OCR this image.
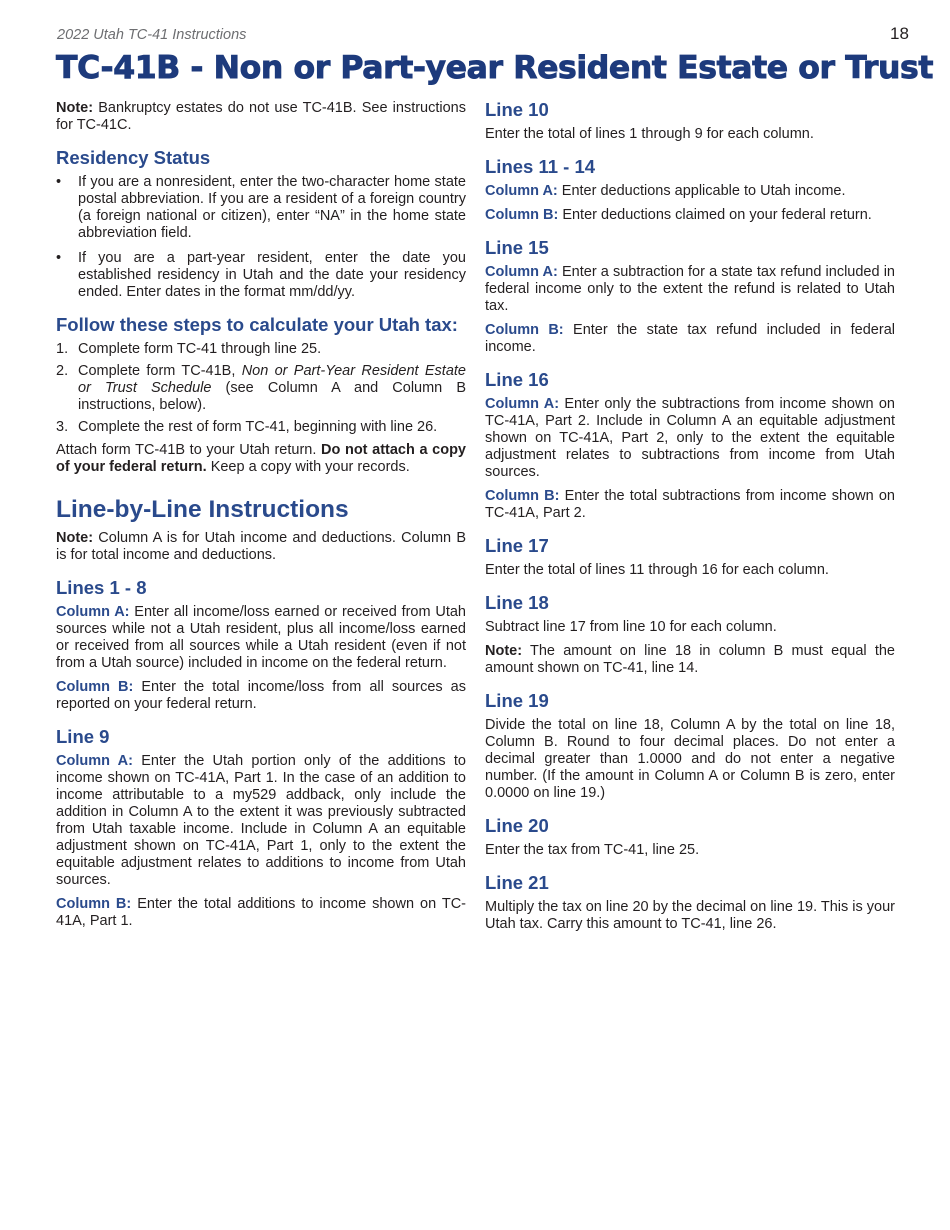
2022 Utah TC-41 Instructions	18
TC-41B - Non or Part-year Resident Estate or Trust

Note: Bankruptcy estates do not use TC-41B. See instructions for TC-41C.

Residency Status
• If you are a nonresident, enter the two-character home state postal abbreviation. If you are a resident of a foreign country (a foreign national or citizen), enter “NA” in the home state abbreviation field.
• If you are a part-year resident, enter the date you established residency in Utah and the date your residency ended. Enter dates in the format mm/dd/yy.
Follow these steps to calculate your Utah tax:
1. Complete form TC-41 through line 25.
2. Complete form TC-41B, Non or Part-Year Resident Estate or Trust Schedule (see Column A and Column B instructions, below).
3. Complete the rest of form TC-41, beginning with line 26.

Attach form TC-41B to your Utah return. Do not attach a copy of your federal return. Keep a copy with your records.

Line-by-Line Instructions

Note: Column A is for Utah income and deductions. Column B is for total income and deductions.

Lines 1 - 8

Column A: Enter all income/loss earned or received from Utah sources while not a Utah resident, plus all income/loss earned or received from all sources while a Utah resident (even if not from a Utah source) included in income on the federal return.

Column B: Enter the total income/loss from all sources as reported on your federal return.

Line 9

Column A: Enter the Utah portion only of the additions to income shown on TC-41A, Part 1. In the case of an addition to income attributable to a my529 addback, only include the addition in Column A to the extent it was previously subtracted from Utah taxable income. Include in Column A an equitable adjustment shown on TC-41A, Part 1, only to the extent the equitable adjustment relates to additions to income from Utah sources.

Column B: Enter the total additions to income shown on TC-41A, Part 1.

Line 10

Enter the total of lines 1 through 9 for each column.

Lines 11 - 14

Column A: Enter deductions applicable to Utah income.

Column B: Enter deductions claimed on your federal return.

Line 15

Column A: Enter a subtraction for a state tax refund included in federal income only to the extent the refund is related to Utah tax.

Column B: Enter the state tax refund included in federal income.

Line 16

Column A: Enter only the subtractions from income shown on TC-41A, Part 2. Include in Column A an equitable adjustment shown on TC-41A, Part 2, only to the extent the equitable adjustment relates to subtractions from income from Utah sources.

Column B: Enter the total subtractions from income shown on TC-41A, Part 2.

Line 17

Enter the total of lines 11 through 16 for each column.

Line 18

Subtract line 17 from line 10 for each column.

Note: The amount on line 18 in column B must equal the amount shown on TC-41, line 14.

Line 19

Divide the total on line 18, Column A by the total on line 18, Column B. Round to four decimal places. Do not enter a decimal greater than 1.0000 and do not enter a negative number. (If the amount in Column A or Column B is zero, enter 0.0000 on line 19.)

Line 20

Enter the tax from TC-41, line 25.

Line 21

Multiply the tax on line 20 by the decimal on line 19. This is your Utah tax. Carry this amount to TC-41, line 26.
